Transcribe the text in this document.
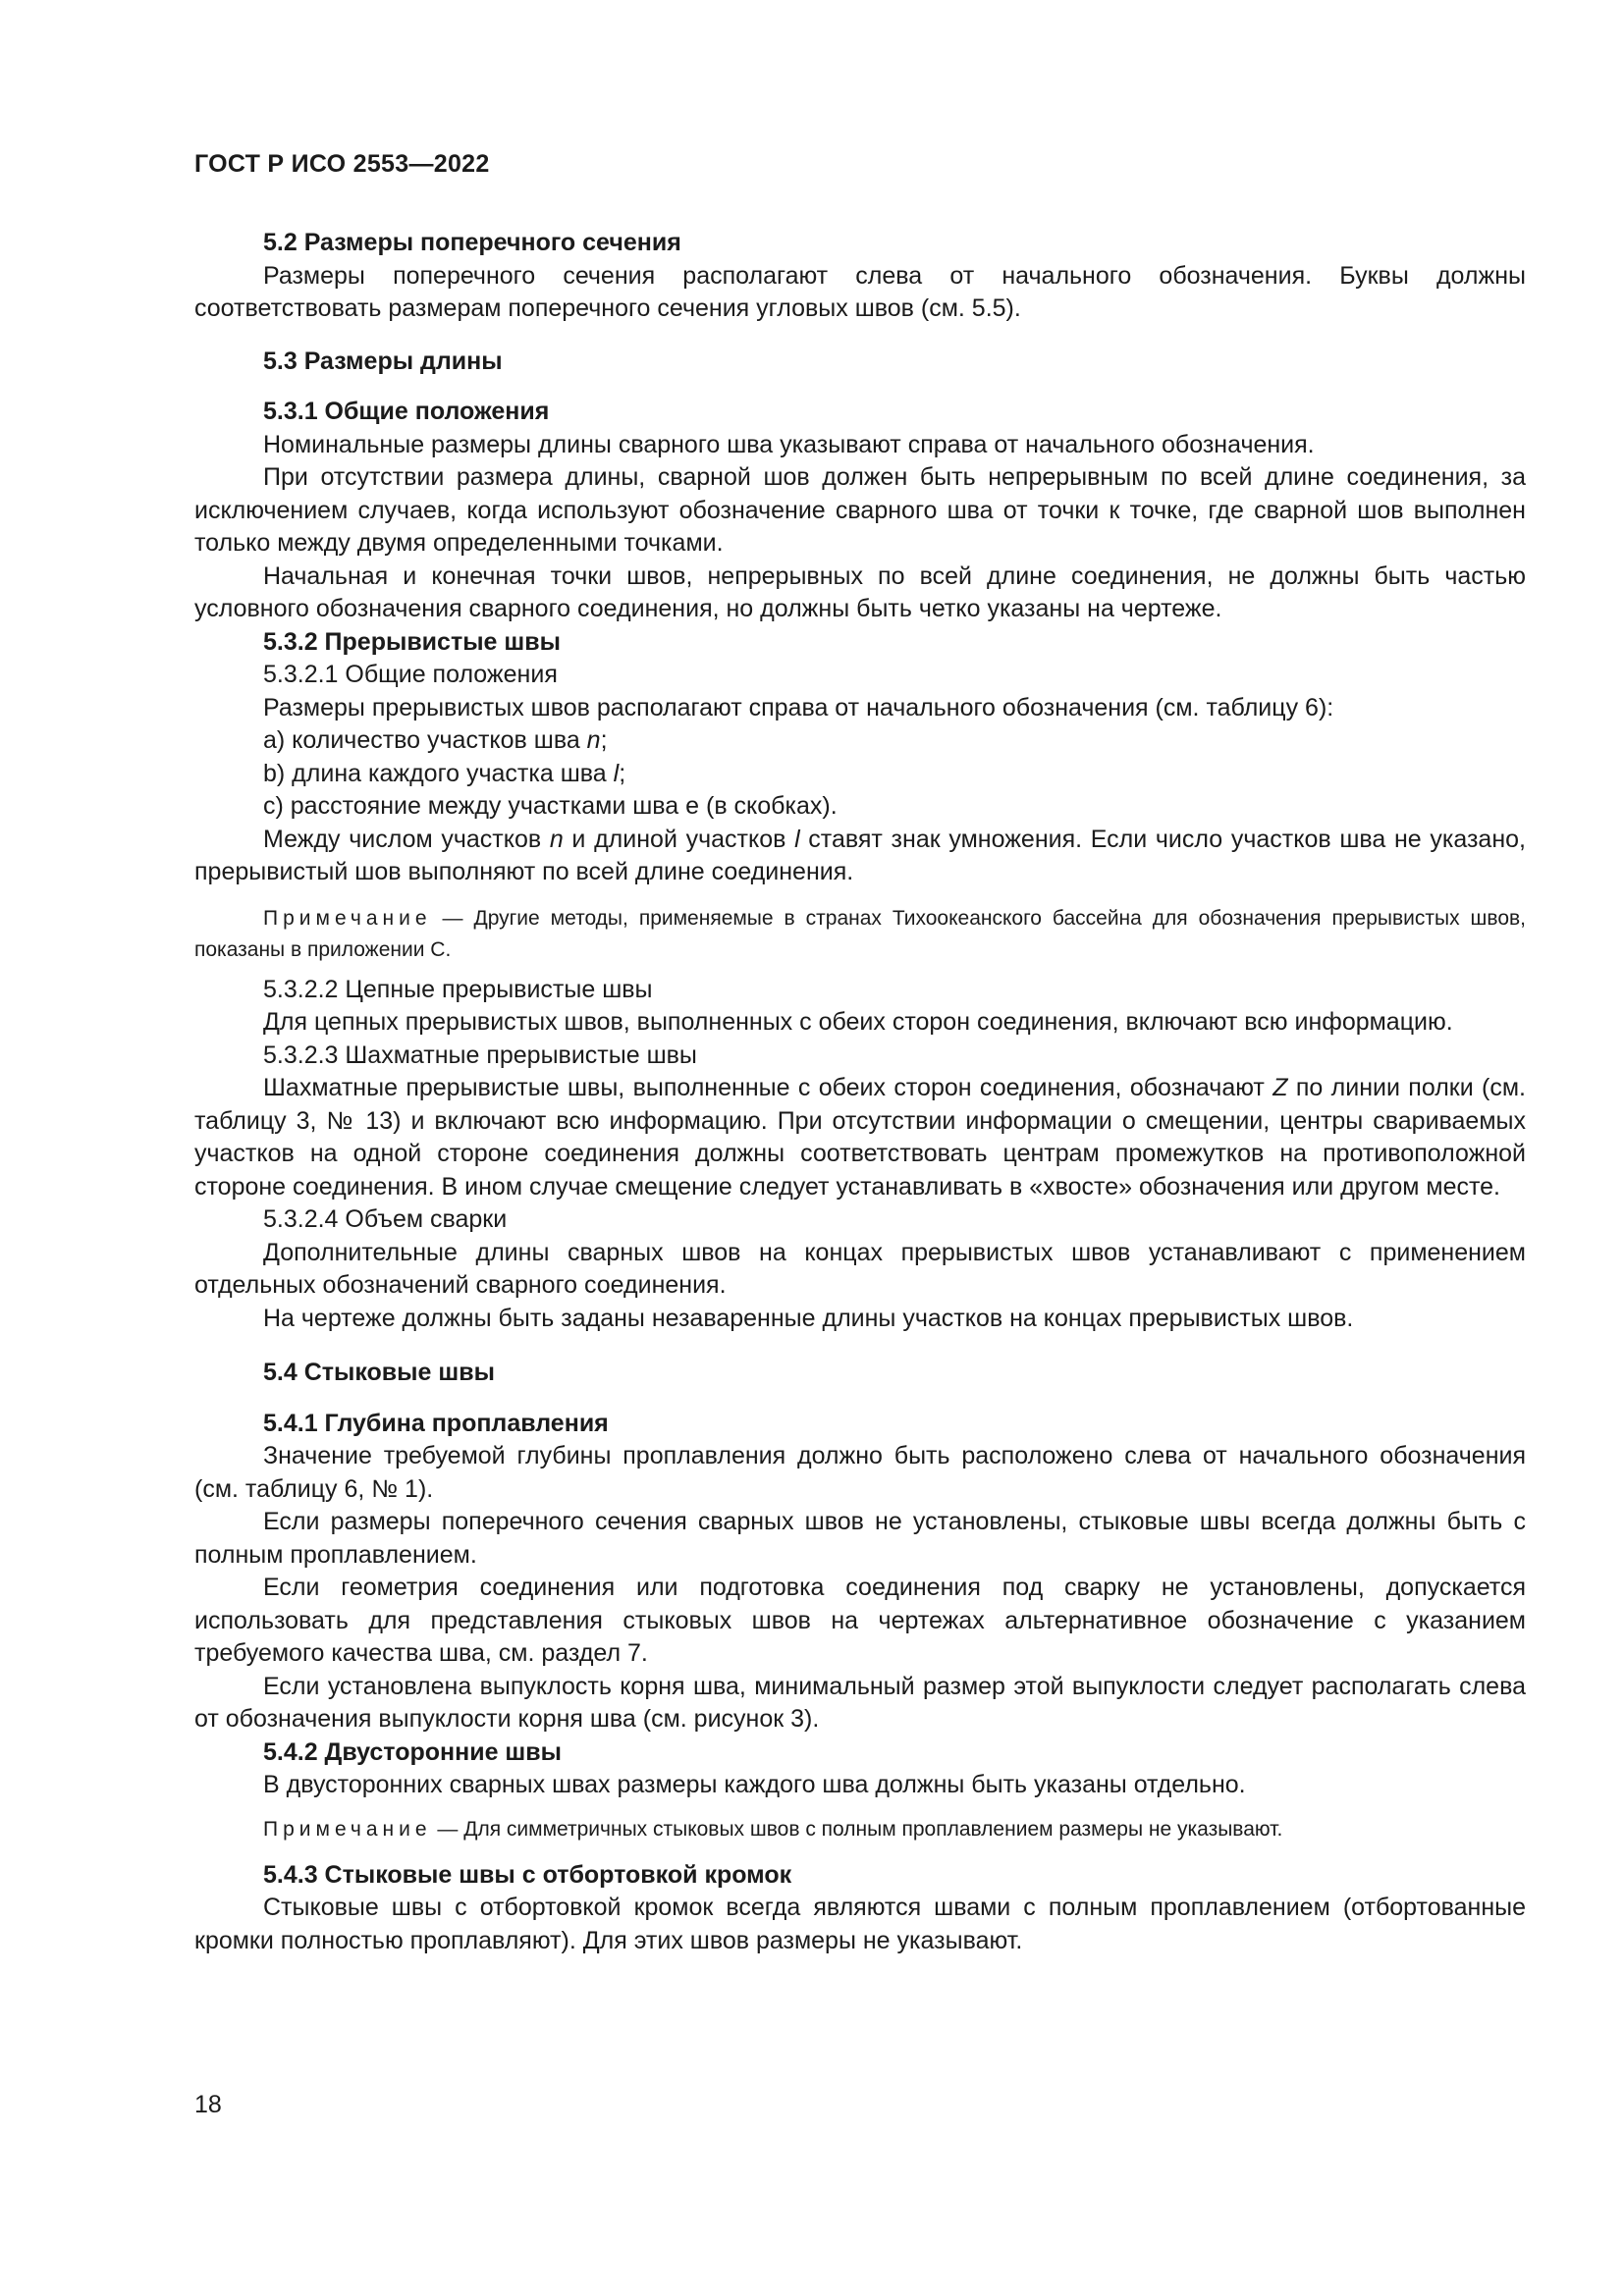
ГОСТ Р ИСО 2553—2022

5.2 Размеры поперечного сечения

Размеры поперечного сечения располагают слева от начального обозначения. Буквы должны соответствовать размерам поперечного сечения угловых швов (см. 5.5).

5.3 Размеры длины

5.3.1 Общие положения

Номинальные размеры длины сварного шва указывают справа от начального обозначения.

При отсутствии размера длины, сварной шов должен быть непрерывным по всей длине соединения, за исключением случаев, когда используют обозначение сварного шва от точки к точке, где сварной шов выполнен только между двумя определенными точками.

Начальная и конечная точки швов, непрерывных по всей длине соединения, не должны быть частью условного обозначения сварного соединения, но должны быть четко указаны на чертеже.

5.3.2 Прерывистые швы

5.3.2.1 Общие положения

Размеры прерывистых швов располагают справа от начального обозначения (см. таблицу 6):

a) количество участков шва n;

b) длина каждого участка шва l;

c) расстояние между участками шва e (в скобках).

Между числом участков n и длиной участков l ставят знак умножения. Если число участков шва не указано, прерывистый шов выполняют по всей длине соединения.

Примечание — Другие методы, применяемые в странах Тихоокеанского бассейна для обозначения прерывистых швов, показаны в приложении С.

5.3.2.2 Цепные прерывистые швы

Для цепных прерывистых швов, выполненных с обеих сторон соединения, включают всю информацию.

5.3.2.3 Шахматные прерывистые швы

Шахматные прерывистые швы, выполненные с обеих сторон соединения, обозначают Z по линии полки (см. таблицу 3, № 13) и включают всю информацию. При отсутствии информации о смещении, центры свариваемых участков на одной стороне соединения должны соответствовать центрам промежутков на противоположной стороне соединения. В ином случае смещение следует устанавливать в «хвосте» обозначения или другом месте.

5.3.2.4 Объем сварки

Дополнительные длины сварных швов на концах прерывистых швов устанавливают с применением отдельных обозначений сварного соединения.

На чертеже должны быть заданы незаваренные длины участков на концах прерывистых швов.

5.4 Стыковые швы

5.4.1 Глубина проплавления

Значение требуемой глубины проплавления должно быть расположено слева от начального обозначения (см. таблицу 6, № 1).

Если размеры поперечного сечения сварных швов не установлены, стыковые швы всегда должны быть с полным проплавлением.

Если геометрия соединения или подготовка соединения под сварку не установлены, допускается использовать для представления стыковых швов на чертежах альтернативное обозначение с указанием требуемого качества шва, см. раздел 7.

Если установлена выпуклость корня шва, минимальный размер этой выпуклости следует располагать слева от обозначения выпуклости корня шва (см. рисунок 3).

5.4.2 Двусторонние швы

В двусторонних сварных швах размеры каждого шва должны быть указаны отдельно.

Примечание — Для симметричных стыковых швов с полным проплавлением размеры не указывают.

5.4.3 Стыковые швы с отбортовкой кромок

Стыковые швы с отбортовкой кромок всегда являются швами с полным проплавлением (отбортованные кромки полностью проплавляют). Для этих швов размеры не указывают.

18
